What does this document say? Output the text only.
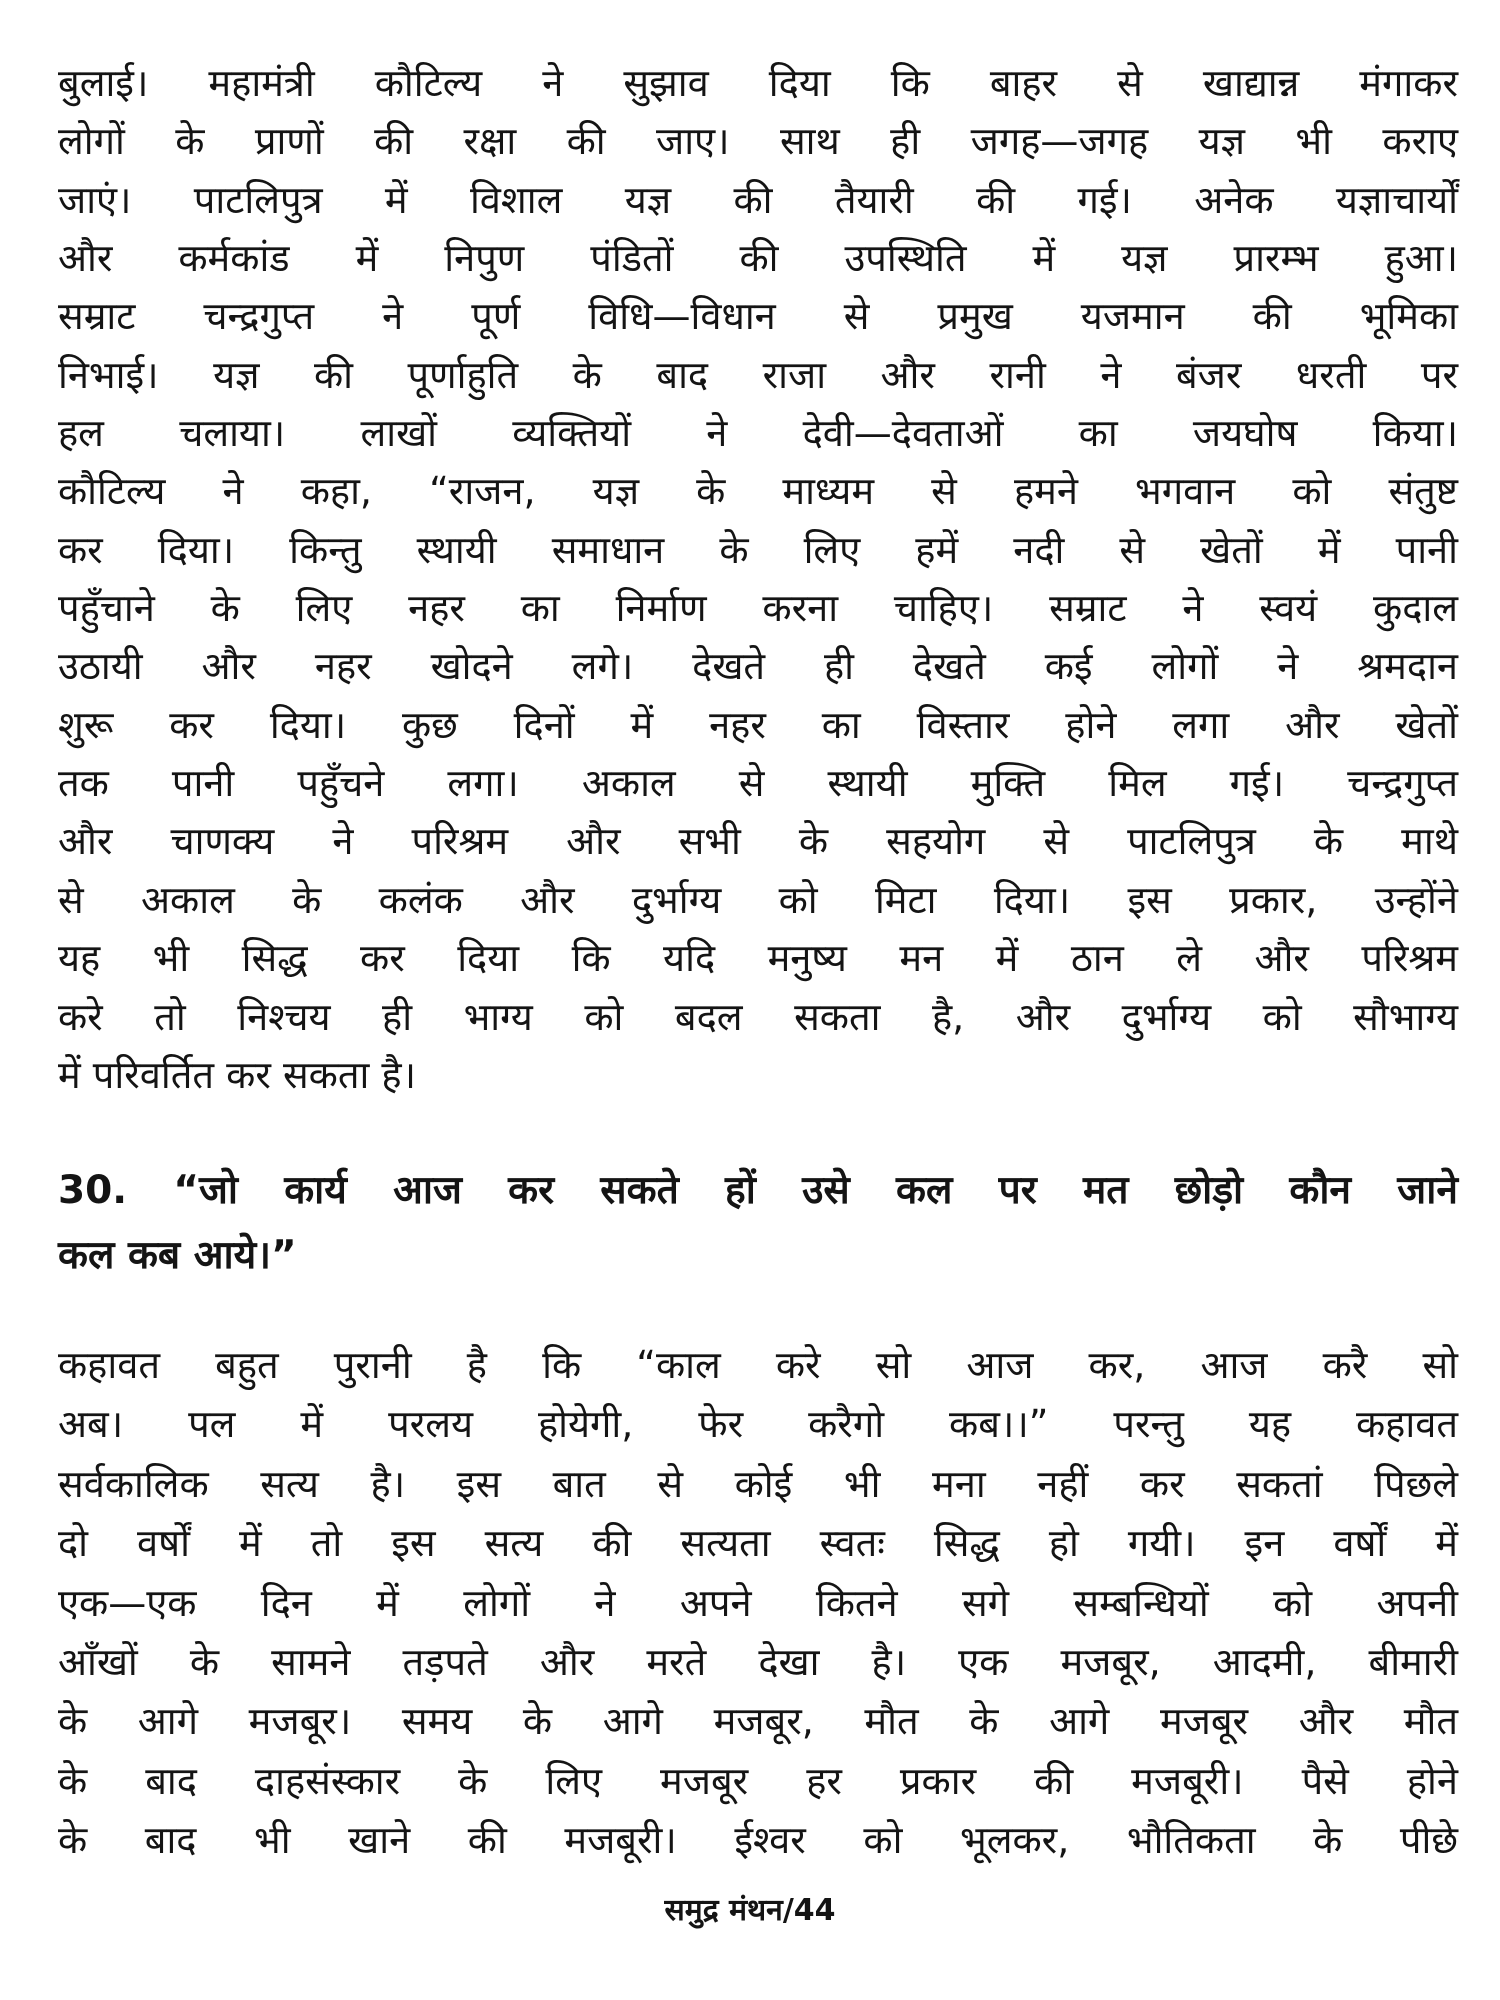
बुलाई। महामंत्री कौटिल्य ने सुझाव दिया कि बाहर से खाद्यान्न मंगाकर
लोगों के प्राणों की रक्षा की जाए। साथ ही जगह—जगह यज्ञ भी कराए
जाएं। पाटलिपुत्र में विशाल यज्ञ की तैयारी की गई। अनेक यज्ञाचार्यों
और कर्मकांड में निपुण पंडितों की उपस्थिति में यज्ञ प्रारम्भ हुआ।
सम्राट चन्द्रगुप्त ने पूर्ण विधि—विधान से प्रमुख यजमान की भूमिका
निभाई। यज्ञ की पूर्णाहुति के बाद राजा और रानी ने बंजर धरती पर
हल चलाया। लाखों व्यक्तियों ने देवी—देवताओं का जयघोष किया।
कौटिल्य ने कहा, “राजन, यज्ञ के माध्यम से हमने भगवान को संतुष्ट
कर दिया। किन्तु स्थायी समाधान के लिए हमें नदी से खेतों में पानी
पहुँचाने के लिए नहर का निर्माण करना चाहिए। सम्राट ने स्वयं कुदाल
उठायी और नहर खोदने लगे। देखते ही देखते कई लोगों ने श्रमदान
शुरू कर दिया। कुछ दिनों में नहर का विस्तार होने लगा और खेतों
तक पानी पहुँचने लगा। अकाल से स्थायी मुक्ति मिल गई। चन्द्रगुप्त
और चाणक्य ने परिश्रम और सभी के सहयोग से पाटलिपुत्र के माथे
से अकाल के कलंक और दुर्भाग्य को मिटा दिया। इस प्रकार, उन्होंने
यह भी सिद्ध कर दिया कि यदि मनुष्य मन में ठान ले और परिश्रम
करे तो निश्चय ही भाग्य को बदल सकता है, और दुर्भाग्य को सौभाग्य
में परिवर्तित कर सकता है।
30. “जो कार्य आज कर सकते हों उसे कल पर मत छोड़ो कौन जाने
कल कब आये।”
कहावत बहुत पुरानी है कि “काल करे सो आज कर, आज करै सो
अब। पल में परलय होयेगी, फेर करैगो कब।।” परन्तु यह कहावत
सर्वकालिक सत्य है। इस बात से कोई भी मना नहीं कर सकतां पिछले
दो वर्षों में तो इस सत्य की सत्यता स्वतः सिद्ध हो गयी। इन वर्षों में
एक—एक दिन में लोगों ने अपने कितने सगे सम्बन्धियों को अपनी
आँखों के सामने तड़पते और मरते देखा है। एक मजबूर, आदमी, बीमारी
के आगे मजबूर। समय के आगे मजबूर, मौत के आगे मजबूर और मौत
के बाद दाहसंस्कार के लिए मजबूर हर प्रकार की मजबूरी। पैसे होने
के बाद भी खाने की मजबूरी। ईश्वर को भूलकर, भौतिकता के पीछे
समुद्र मंथन/44
